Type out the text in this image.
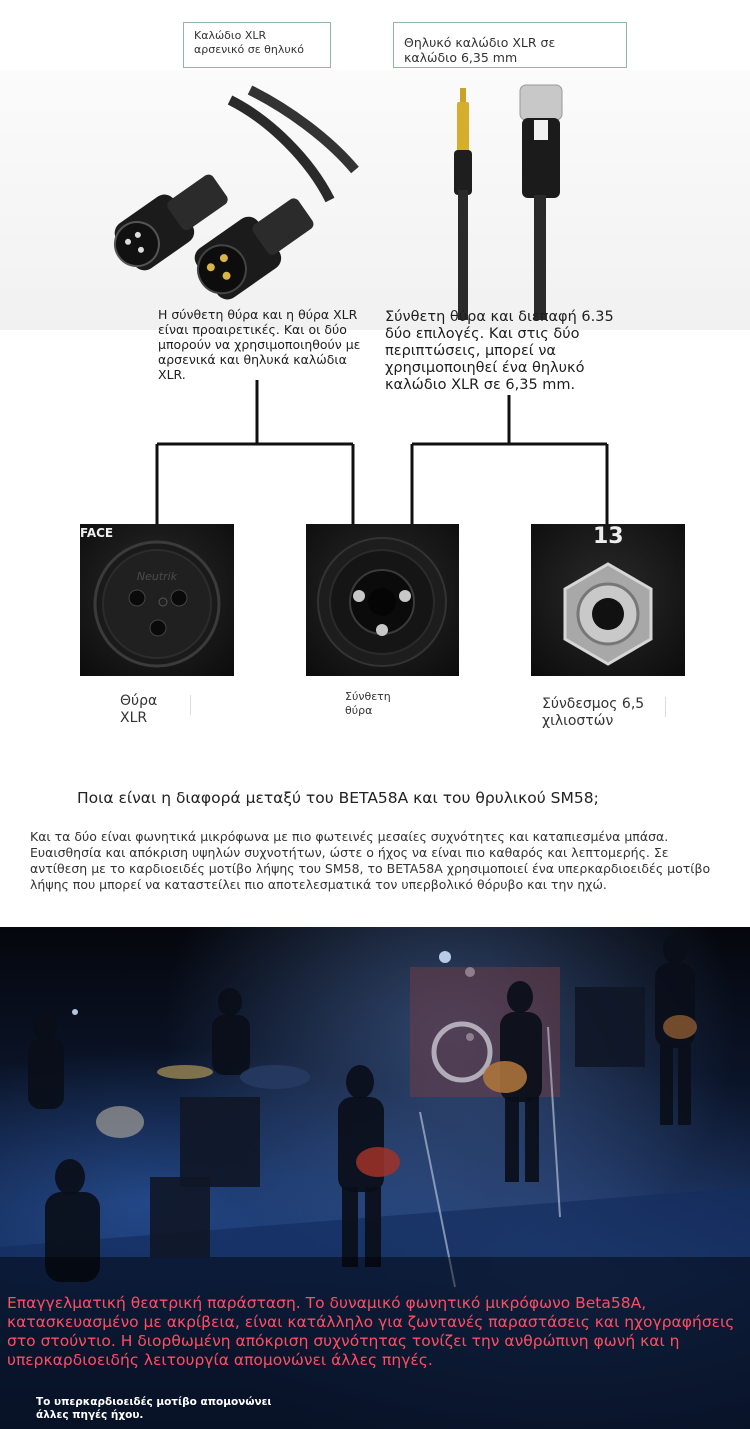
Καλώδιο XLR
αρσενικό σε θηλυκό	Θηλυκό καλώδιο XLR σε
καλώδιο 6,35 mm
Η σύνθετη θύρα και η θύρα XLR είναι προαιρετικές. Και οι δύο μπορούν να χρησιμοποιηθούν με αρσενικά και θηλυκά καλώδια XLR.
Σύνθετη θύρα και διεπαφή 6.35 δύο επιλογές. Και στις δύο περιπτώσεις, μπορεί να χρησιμοποιηθεί ένα θηλυκό καλώδιο XLR σε 6,35 mm.
FACE
Neutrik
13
Θύρα
XLR
Σύνθετη
θύρα	Σύνδεσμος 6,5
χιλιοστών
Ποια είναι η διαφορά μεταξύ του BETA58A και του θρυλικού SM58;
Και τα δύο είναι φωνητικά μικρόφωνα με πιο φωτεινές μεσαίες συχνότητες και καταπιεσμένα μπάσα. Ευαισθησία και απόκριση υψηλών συχνοτήτων, ώστε ο ήχος να είναι πιο καθαρός και λεπτομερής. Σε αντίθεση με το καρδιοειδές μοτίβο λήψης του SM58, το BETA58A χρησιμοποιεί ένα υπερκαρδιοειδές μοτίβο λήψης που μπορεί να καταστείλει πιο αποτελεσματικά τον υπερβολικό θόρυβο και την ηχώ.
Επαγγελματική θεατρική παράσταση. Το δυναμικό φωνητικό μικρόφωνο Beta58A, κατασκευασμένο με ακρίβεια, είναι κατάλληλο για ζωντανές παραστάσεις και ηχογραφήσεις στο στούντιο. Η διορθωμένη απόκριση συχνότητας τονίζει την ανθρώπινη φωνή και η υπερκαρδιοειδής λειτουργία απομονώνει άλλες πηγές.
Το υπερκαρδιοειδές μοτίβο απομονώνει
άλλες πηγές ήχου.
